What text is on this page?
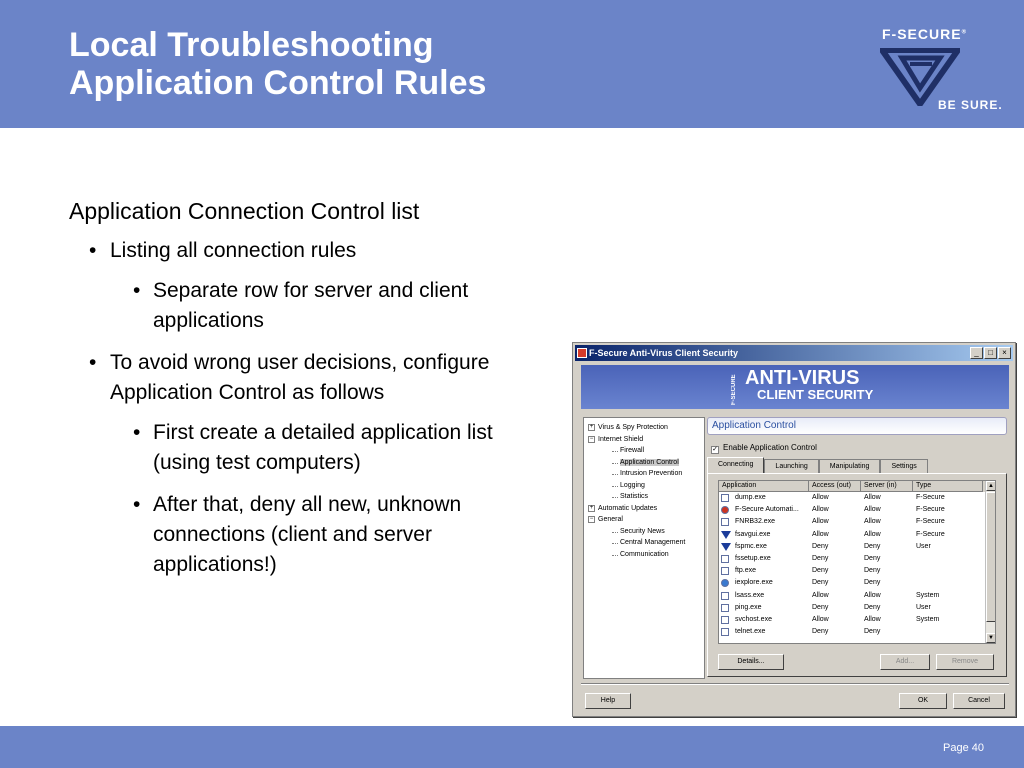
Local Troubleshooting
Application Control Rules
F-SECURE®
BE SURE.
Application Connection Control list
• Listing all connection rules
• Separate row for server and client applications
• To avoid wrong user decisions, configure Application Control as follows
• First create a detailed application list (using test computers)
• After that, deny all new, unknown connections (client and server applications!)
F-Secure Anti-Virus Client Security	_	□	×
F-SECURE ANTI-VIRUS
CLIENT SECURITY
+ Virus & Spy Protection
− Internet Shield
Firewall
Application Control
Intrusion Prevention
Logging
Statistics
+ Automatic Updates
− General
Security News
Central Management
Communication
Application Control
✓ Enable Application Control
Connecting	Launching	Manipulating	Settings
Application	Access (out)	Server (in)	Type
dump.exe	Allow	Allow	F-Secure
F-Secure Automati...	Allow	Allow	F-Secure
FNRB32.exe	Allow	Allow	F-Secure
fsavgui.exe	Allow	Allow	F-Secure
fspmc.exe	Deny	Deny	User
fssetup.exe	Deny	Deny
ftp.exe	Deny	Deny
iexplore.exe	Deny	Deny
lsass.exe	Allow	Allow	System
ping.exe	Deny	Deny	User
svchost.exe	Allow	Allow	System
telnet.exe	Deny	Deny
▲
▼
Details...	Add...	Remove
Help	OK	Cancel
Page 40
